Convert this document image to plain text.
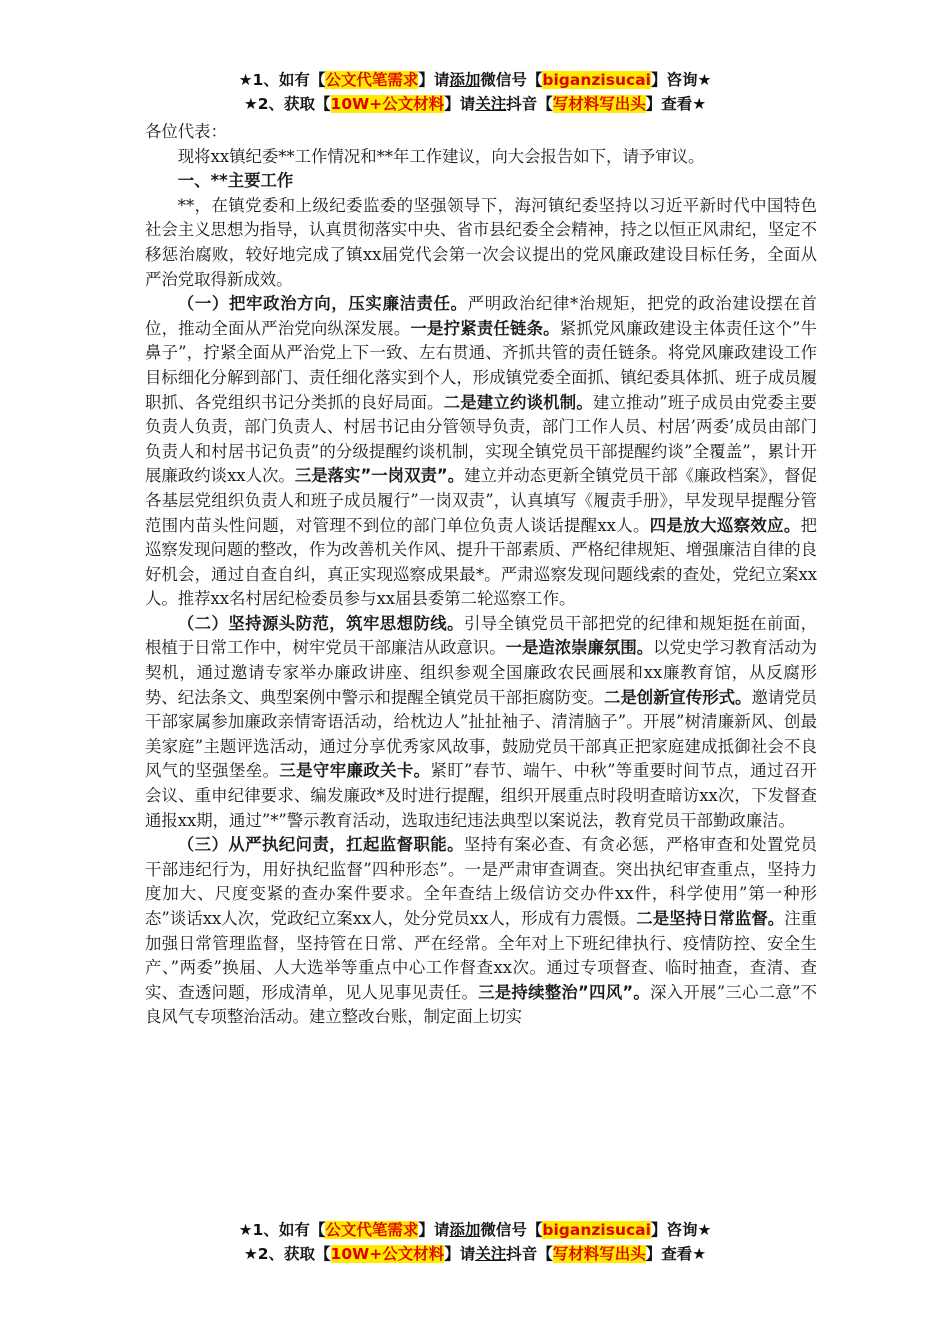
★1、如有【公文代笔需求】请添加微信号【biganzisucai】咨询★
★2、获取【10W+公文材料】请关注抖音【写材料写出头】查看★

各位代表：

现将xx镇纪委**工作情况和**年工作建议，向大会报告如下，请予审议。

一、**主要工作

**，在镇党委和上级纪委监委的坚强领导下，海河镇纪委坚持以习近平新时代中国特色社会主义思想为指导，认真贯彻落实中央、省市县纪委全会精神，持之以恒正风肃纪，坚定不移惩治腐败，较好地完成了镇xx届党代会第一次会议提出的党风廉政建设目标任务，全面从严治党取得新成效。

（一）把牢政治方向，压实廉洁责任。严明政治纪律*治规矩，把党的政治建设摆在首位，推动全面从严治党向纵深发展。一是拧紧责任链条。紧抓党风廉政建设主体责任这个”牛鼻子”，拧紧全面从严治党上下一致、左右贯通、齐抓共管的责任链条。将党风廉政建设工作目标细化分解到部门、责任细化落实到个人，形成镇党委全面抓、镇纪委具体抓、班子成员履职抓、各党组织书记分类抓的良好局面。二是建立约谈机制。建立推动”班子成员由党委主要负责人负责，部门负责人、村居书记由分管领导负责，部门工作人员、村居’两委’成员由部门负责人和村居书记负责”的分级提醒约谈机制，实现全镇党员干部提醒约谈”全覆盖”，累计开展廉政约谈xx人次。三是落实”一岗双责”。建立并动态更新全镇党员干部《廉政档案》，督促各基层党组织负责人和班子成员履行”一岗双责”，认真填写《履责手册》，早发现早提醒分管范围内苗头性问题，对管理不到位的部门单位负责人谈话提醒xx人。四是放大巡察效应。把巡察发现问题的整改，作为改善机关作风、提升干部素质、严格纪律规矩、增强廉洁自律的良好机会，通过自查自纠，真正实现巡察成果最*。严肃巡察发现问题线索的查处，党纪立案xx人。推荐xx名村居纪检委员参与xx届县委第二轮巡察工作。

（二）坚持源头防范，筑牢思想防线。引导全镇党员干部把党的纪律和规矩挺在前面，根植于日常工作中，树牢党员干部廉洁从政意识。一是造浓崇廉氛围。以党史学习教育活动为契机，通过邀请专家举办廉政讲座、组织参观全国廉政农民画展和xx廉教育馆，从反腐形势、纪法条文、典型案例中警示和提醒全镇党员干部拒腐防变。二是创新宣传形式。邀请党员干部家属参加廉政亲情寄语活动，给枕边人”扯扯袖子、清清脑子”。开展”树清廉新风、创最美家庭”主题评选活动，通过分享优秀家风故事，鼓励党员干部真正把家庭建成抵御社会不良风气的坚强堡垒。三是守牢廉政关卡。紧盯”春节、端午、中秋”等重要时间节点，通过召开会议、重申纪律要求、编发廉政*及时进行提醒，组织开展重点时段明查暗访xx次，下发督查通报xx期，通过”*”警示教育活动，选取违纪违法典型以案说法，教育党员干部勤政廉洁。

（三）从严执纪问责，扛起监督职能。坚持有案必查、有贪必惩，严格审查和处置党员干部违纪行为，用好执纪监督”四种形态”。一是严肃审查调查。突出执纪审查重点，坚持力度加大、尺度变紧的查办案件要求。全年查结上级信访交办件xx件，科学使用”第一种形态”谈话xx人次，党政纪立案xx人，处分党员xx人，形成有力震慑。二是坚持日常监督。注重加强日常管理监督，坚持管在日常、严在经常。全年对上下班纪律执行、疫情防控、安全生产、”两委”换届、人大选举等重点中心工作督查xx次。通过专项督查、临时抽查，查清、查实、查透问题，形成清单，见人见事见责任。三是持续整治”四风”。深入开展”三心二意”不良风气专项整治活动。建立整改台账，制定面上切实

★1、如有【公文代笔需求】请添加微信号【biganzisucai】咨询★
★2、获取【10W+公文材料】请关注抖音【写材料写出头】查看★
